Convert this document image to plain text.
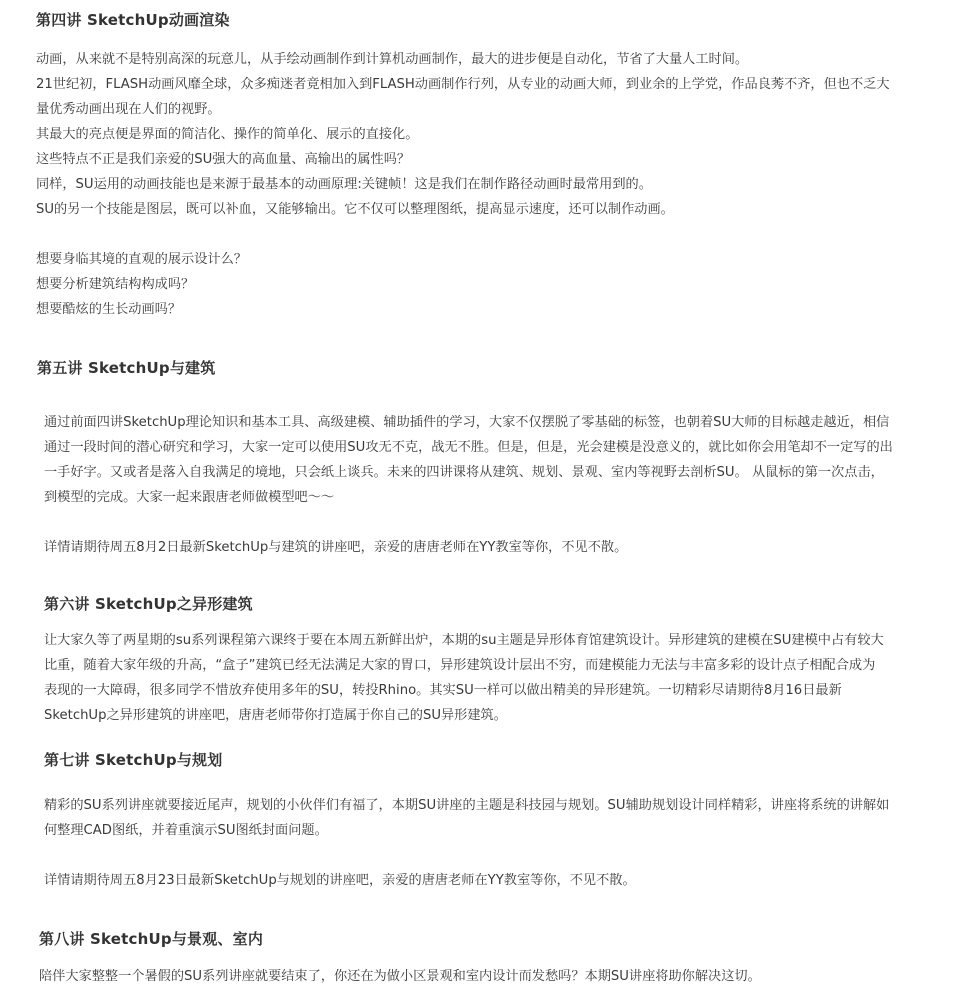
第四讲 SketchUp动画渲染
动画，从来就不是特别高深的玩意儿，从手绘动画制作到计算机动画制作，最大的进步便是自动化，节省了大量人工时间。
21世纪初，FLASH动画风靡全球，众多痴迷者竟相加入到FLASH动画制作行列，从专业的动画大师，到业余的上学党，作品良莠不齐，但也不乏大
量优秀动画出现在人们的视野。
其最大的亮点便是界面的简洁化、操作的简单化、展示的直接化。
这些特点不正是我们亲爱的SU强大的高血量、高输出的属性吗？
同样，SU运用的动画技能也是来源于最基本的动画原理:关键帧！这是我们在制作路径动画时最常用到的。
SU的另一个技能是图层，既可以补血，又能够输出。它不仅可以整理图纸，提高显示速度，还可以制作动画。
想要身临其境的直观的展示设计么？
想要分析建筑结构构成吗？
想要酷炫的生长动画吗？
第五讲 SketchUp与建筑
通过前面四讲SketchUp理论知识和基本工具、高级建模、辅助插件的学习，大家不仅摆脱了零基础的标签，也朝着SU大师的目标越走越近，相信
通过一段时间的潜心研究和学习，大家一定可以使用SU攻无不克，战无不胜。但是，但是，光会建模是没意义的，就比如你会用笔却不一定写的出
一手好字。又或者是落入自我满足的境地，只会纸上谈兵。未来的四讲课将从建筑、规划、景观、室内等视野去剖析SU。 从鼠标的第一次点击，
到模型的完成。大家一起来跟唐老师做模型吧～～
详情请期待周五8月2日最新SketchUp与建筑的讲座吧，亲爱的唐唐老师在YY教室等你，不见不散。
第六讲 SketchUp之异形建筑
让大家久等了两星期的su系列课程第六课终于要在本周五新鲜出炉，本期的su主题是异形体育馆建筑设计。异形建筑的建模在SU建模中占有较大
比重，随着大家年级的升高，“盒子”建筑已经无法满足大家的胃口，异形建筑设计层出不穷，而建模能力无法与丰富多彩的设计点子相配合成为
表现的一大障碍，很多同学不惜放弃使用多年的SU，转投Rhino。其实SU一样可以做出精美的异形建筑。一切精彩尽请期待8月16日最新
SketchUp之异形建筑的讲座吧，唐唐老师带你打造属于你自己的SU异形建筑。
第七讲 SketchUp与规划
精彩的SU系列讲座就要接近尾声，规划的小伙伴们有福了，本期SU讲座的主题是科技园与规划。SU辅助规划设计同样精彩，讲座将系统的讲解如
何整理CAD图纸，并着重演示SU图纸封面问题。
详情请期待周五8月23日最新SketchUp与规划的讲座吧，亲爱的唐唐老师在YY教室等你，不见不散。
第八讲 SketchUp与景观、室内
陪伴大家整整一个暑假的SU系列讲座就要结束了，你还在为做小区景观和室内设计而发愁吗？本期SU讲座将助你解决这切。
